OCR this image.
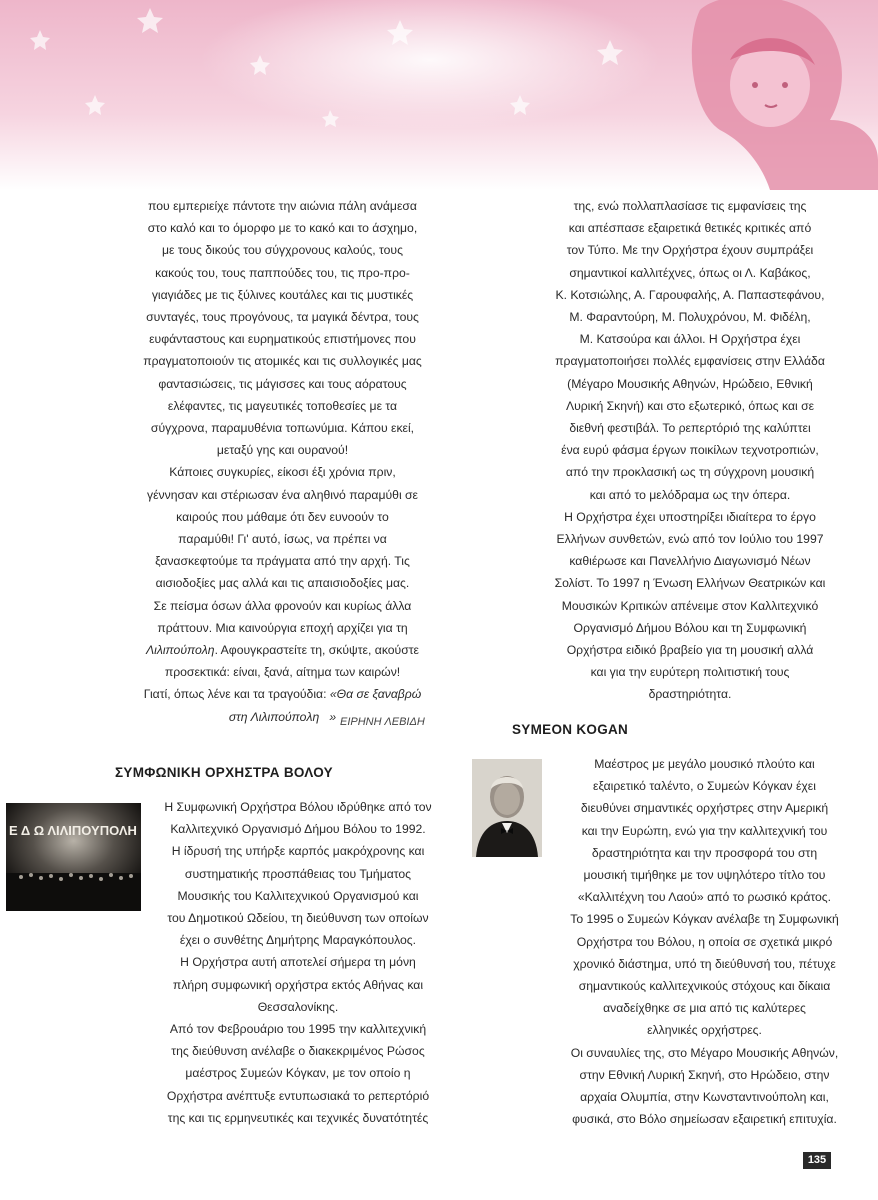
που εμπεριείχε πάντοτε την αιώνια πάλη ανάμεσα

στο καλό και το όμορφο με το κακό και το άσχημο,

με τους δικούς του σύγχρονους καλούς, τους

κακούς του, τους παππούδες του, τις προ-προ-

γιαγιάδες με τις ξύλινες κουτάλες και τις μυστικές

συνταγές, τους προγόνους, τα μαγικά δέντρα, τους

ευφάνταστους και ευρηματικούς επιστήμονες που

πραγματοποιούν τις ατομικές και τις συλλογικές μας

φαντασιώσεις, τις μάγισσες και τους αόρατους

ελέφαντες, τις μαγευτικές τοποθεσίες με τα

σύγχρονα, παραμυθένια τοπωνύμια. Κάπου εκεί,

μεταξύ γης και ουρανού!

Κάποιες συγκυρίες, είκοσι έξι χρόνια πριν,

γέννησαν και στέριωσαν ένα αληθινό παραμύθι σε

καιρούς που μάθαμε ότι δεν ευνοούν το

παραμύθι! Γι' αυτό, ίσως, να πρέπει να

ξανασκεφτούμε τα πράγματα από την αρχή. Τις

αισιοδοξίες μας αλλά και τις απαισιοδοξίες μας.

Σε πείσμα όσων άλλα φρονούν και κυρίως άλλα

πράττουν. Μια καινούργια εποχή αρχίζει για τη

Λιλιπούπολη. Αφουγκραστείτε τη, σκύψτε, ακούστε

προσεκτικά: είναι, ξανά, αίτημα των καιρών!

Γιατί, όπως λένε και τα τραγούδια: «Θα σε ξαναβρώ

στη Λιλιπούπολη » ΕΙΡΗΝΗ ΛΕΒΙΔΗ

της, ενώ πολλαπλασίασε τις εμφανίσεις της

και απέσπασε εξαιρετικά θετικές κριτικές από

τον Τύπο. Με την Ορχήστρα έχουν συμπράξει

σημαντικοί καλλιτέχνες, όπως οι Λ. Καβάκος,

Κ. Κοτσιώλης, Α. Γαρουφαλής, Α. Παπαστεφάνου,

Μ. Φαραντούρη, Μ. Πολυχρόνου, Μ. Φιδέλη,

Μ. Κατσούρα και άλλοι. Η Ορχήστρα έχει

πραγματοποιήσει πολλές εμφανίσεις στην Ελλάδα

(Μέγαρο Μουσικής Αθηνών, Ηρώδειο, Εθνική

Λυρική Σκηνή) και στο εξωτερικό, όπως και σε

διεθνή φεστιβάλ. Το ρεπερτόριό της καλύπτει

ένα ευρύ φάσμα έργων ποικίλων τεχνοτροπιών,

από την προκλασική ως τη σύγχρονη μουσική

και από το μελόδραμα ως την όπερα.

Η Ορχήστρα έχει υποστηρίξει ιδιαίτερα το έργο

Ελλήνων συνθετών, ενώ από τον Ιούλιο του 1997

καθιέρωσε και Πανελλήνιο Διαγωνισμό Νέων

Σολίστ. Το 1997 η Ένωση Ελλήνων Θεατρικών και

Μουσικών Κριτικών απένειμε στον Καλλιτεχνικό

Οργανισμό Δήμου Βόλου και τη Συμφωνική

Ορχήστρα ειδικό βραβείο για τη μουσική αλλά

και για την ευρύτερη πολιτιστική τους

δραστηριότητα.

ΣΥΜΦΩΝΙΚΗ ΟΡΧΗΣΤΡΑ ΒΟΛΟΥ
Ε Δ Ω ΛΙΛΙΠΟΥΠΟΛΗ

Η Συμφωνική Ορχήστρα Βόλου ιδρύθηκε από τον

Καλλιτεχνικό Οργανισμό Δήμου Βόλου το 1992.

Η ίδρυσή της υπήρξε καρπός μακρόχρονης και

συστηματικής προσπάθειας του Τμήματος

Μουσικής του Καλλιτεχνικού Οργανισμού και

του Δημοτικού Ωδείου, τη διεύθυνση των οποίων

έχει ο συνθέτης Δημήτρης Μαραγκόπουλος.

Η Ορχήστρα αυτή αποτελεί σήμερα τη μόνη

πλήρη συμφωνική ορχήστρα εκτός Αθήνας και

Θεσσαλονίκης.

Από τον Φεβρουάριο του 1995 την καλλιτεχνική

της διεύθυνση ανέλαβε ο διακεκριμένος Ρώσος

μαέστρος Συμεών Κόγκαν, με τον οποίο η

Ορχήστρα ανέπτυξε εντυπωσιακά το ρεπερτόριό

της και τις ερμηνευτικές και τεχνικές δυνατότητές

SYMEON KOGAN

Μαέστρος με μεγάλο μουσικό πλούτο και

εξαιρετικό ταλέντο, ο Συμεών Κόγκαν έχει

διευθύνει σημαντικές ορχήστρες στην Αμερική

και την Ευρώπη, ενώ για την καλλιτεχνική του

δραστηριότητα και την προσφορά του στη

μουσική τιμήθηκε με τον υψηλότερο τίτλο του

«Καλλιτέχνη του Λαού» από το ρωσικό κράτος.

Το 1995 ο Συμεών Κόγκαν ανέλαβε τη Συμφωνική

Ορχήστρα του Βόλου, η οποία σε σχετικά μικρό

χρονικό διάστημα, υπό τη διεύθυνσή του, πέτυχε

σημαντικούς καλλιτεχνικούς στόχους και δίκαια

αναδείχθηκε σε μια από τις καλύτερες

ελληνικές ορχήστρες.

Οι συναυλίες της, στο Μέγαρο Μουσικής Αθηνών,

στην Εθνική Λυρική Σκηνή, στο Ηρώδειο, στην

αρχαία Ολυμπία, στην Κωνσταντινούπολη και,

φυσικά, στο Βόλο σημείωσαν εξαιρετική επιτυχία.

135
